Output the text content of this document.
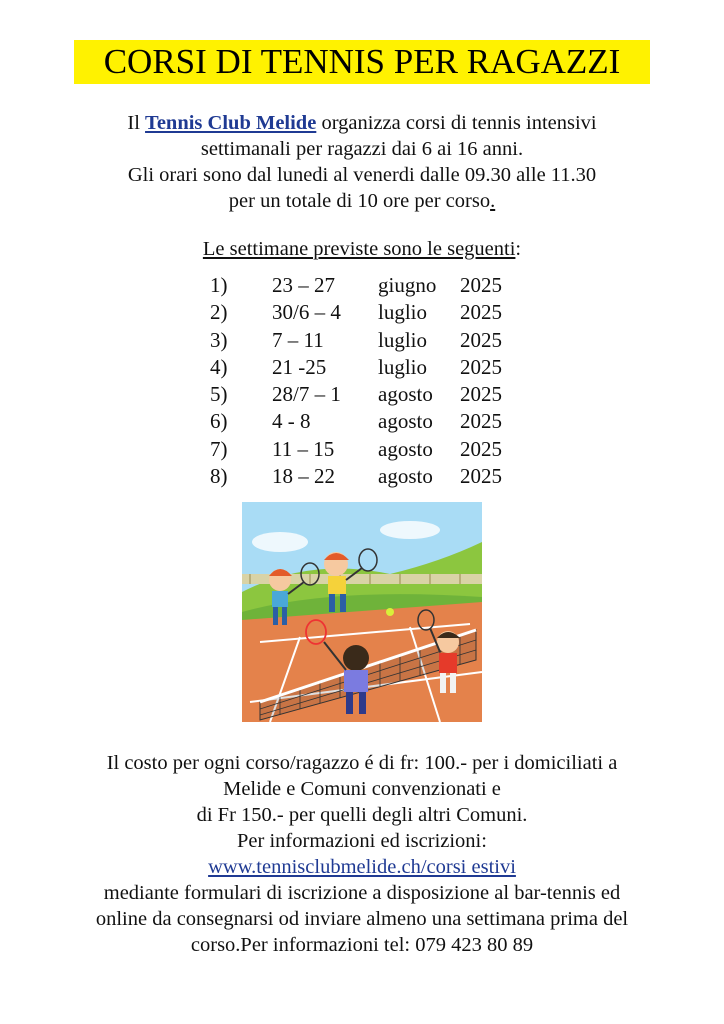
CORSI DI TENNIS PER RAGAZZI
Il Tennis Club Melide organizza corsi di tennis intensivi
settimanali per ragazzi dai 6 ai 16 anni.
Gli orari sono dal lunedi al venerdi dalle 09.30 alle 11.30
per un totale di 10 ore per corso.
Le settimane previste sono le seguenti:
1) 23 – 27 giugno 2025
2) 30/6 – 4 luglio 2025
3) 7 – 11	luglio 2025
4) 21 -25 luglio 2025
5) 28/7 – 1 agosto 2025
6) 4 - 8	agosto 2025
7) 11 – 15 agosto 2025
8) 18 – 22 agosto 2025
Il costo per ogni corso/ragazzo é di fr: 100.- per i domiciliati a
Melide e Comuni convenzionati e
di Fr 150.- per quelli degli altri Comuni.
Per informazioni ed iscrizioni:
www.tennisclubmelide.ch/corsi estivi
mediante formulari di iscrizione a disposizione al bar-tennis ed
online da consegnarsi od inviare almeno una settimana prima del
corso.Per informazioni tel: 079 423 80 89
